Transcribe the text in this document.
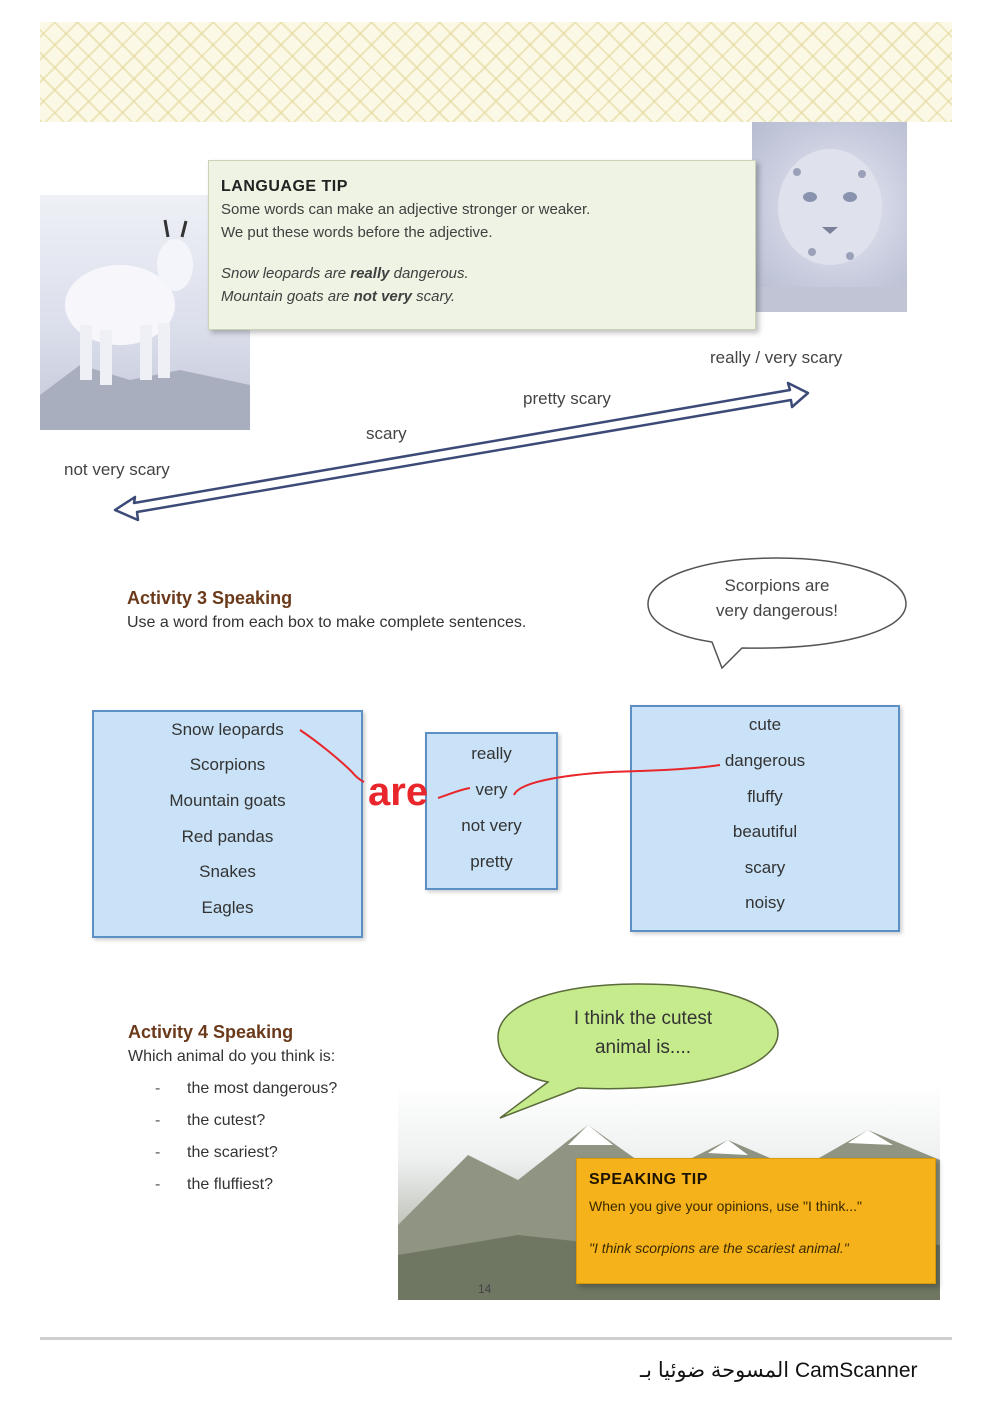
LANGUAGE TIP
Some words can make an adjective stronger or weaker.
We put these words before the adjective.
Snow leopards are really dangerous.
Mountain goats are not very scary.
not very scary
scary
pretty scary
really / very scary
Activity 3 Speaking
Use a word from each box to make complete sentences.
Scorpions are
very dangerous!
Snow leopards
Scorpions
Mountain goats
Red pandas
Snakes
Eagles
really
very
not very
pretty
cute
dangerous
fluffy
beautiful
scary
noisy
are
Activity 4 Speaking
Which animal do you think is:
- the most dangerous?
- the cutest?
- the scariest?
- the fluffiest?
I think the cutest
animal is....
SPEAKING TIP
When you give your opinions, use "I think..."
"I think scorpions are the scariest animal."
14
المسوحة ضوئيا بـ CamScanner
